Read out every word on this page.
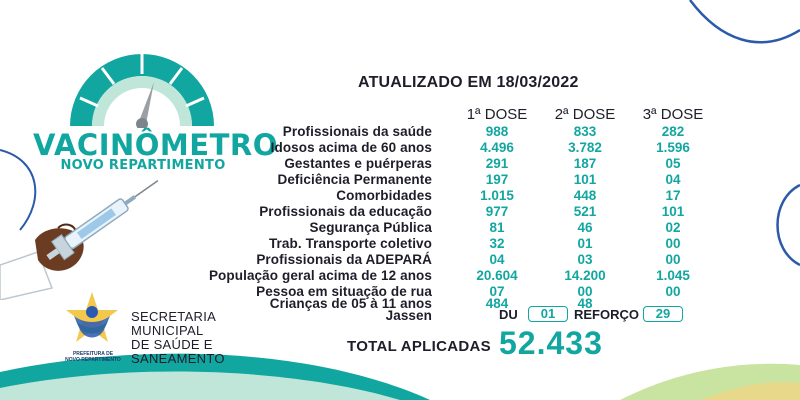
VACINÔMETRO
NOVO REPARTIMENTO
PREFEITURA DE
NOVO REPARTIMENTO
SECRETARIA
MUNICIPAL
DE SAÚDE E
SANEAMENTO
ATUALIZADO EM 18/03/2022
1ª DOSE	2ª DOSE	3ª DOSE
Profissionais da saúde	988	833	282
Idosos acima de 60 anos	4.496	3.782	1.596
Gestantes e puérperas	291	187	05
Deficiência Permanente	197	101	04
Comorbidades	1.015	448	17
Profissionais da educação	977	521	101
Segurança Pública	81	46	02
Trab. Transporte coletivo	32	01	00
Profissionais da ADEPARÁ	04	03	00
População geral acima de 12 anos	20.604	14.200	1.045
Pessoa em situação de rua	07	00	00
Crianças de 05 à 11 anos	484	48
Jassen	DU	01	REFORÇO	29
TOTAL APLICADAS 52.433
